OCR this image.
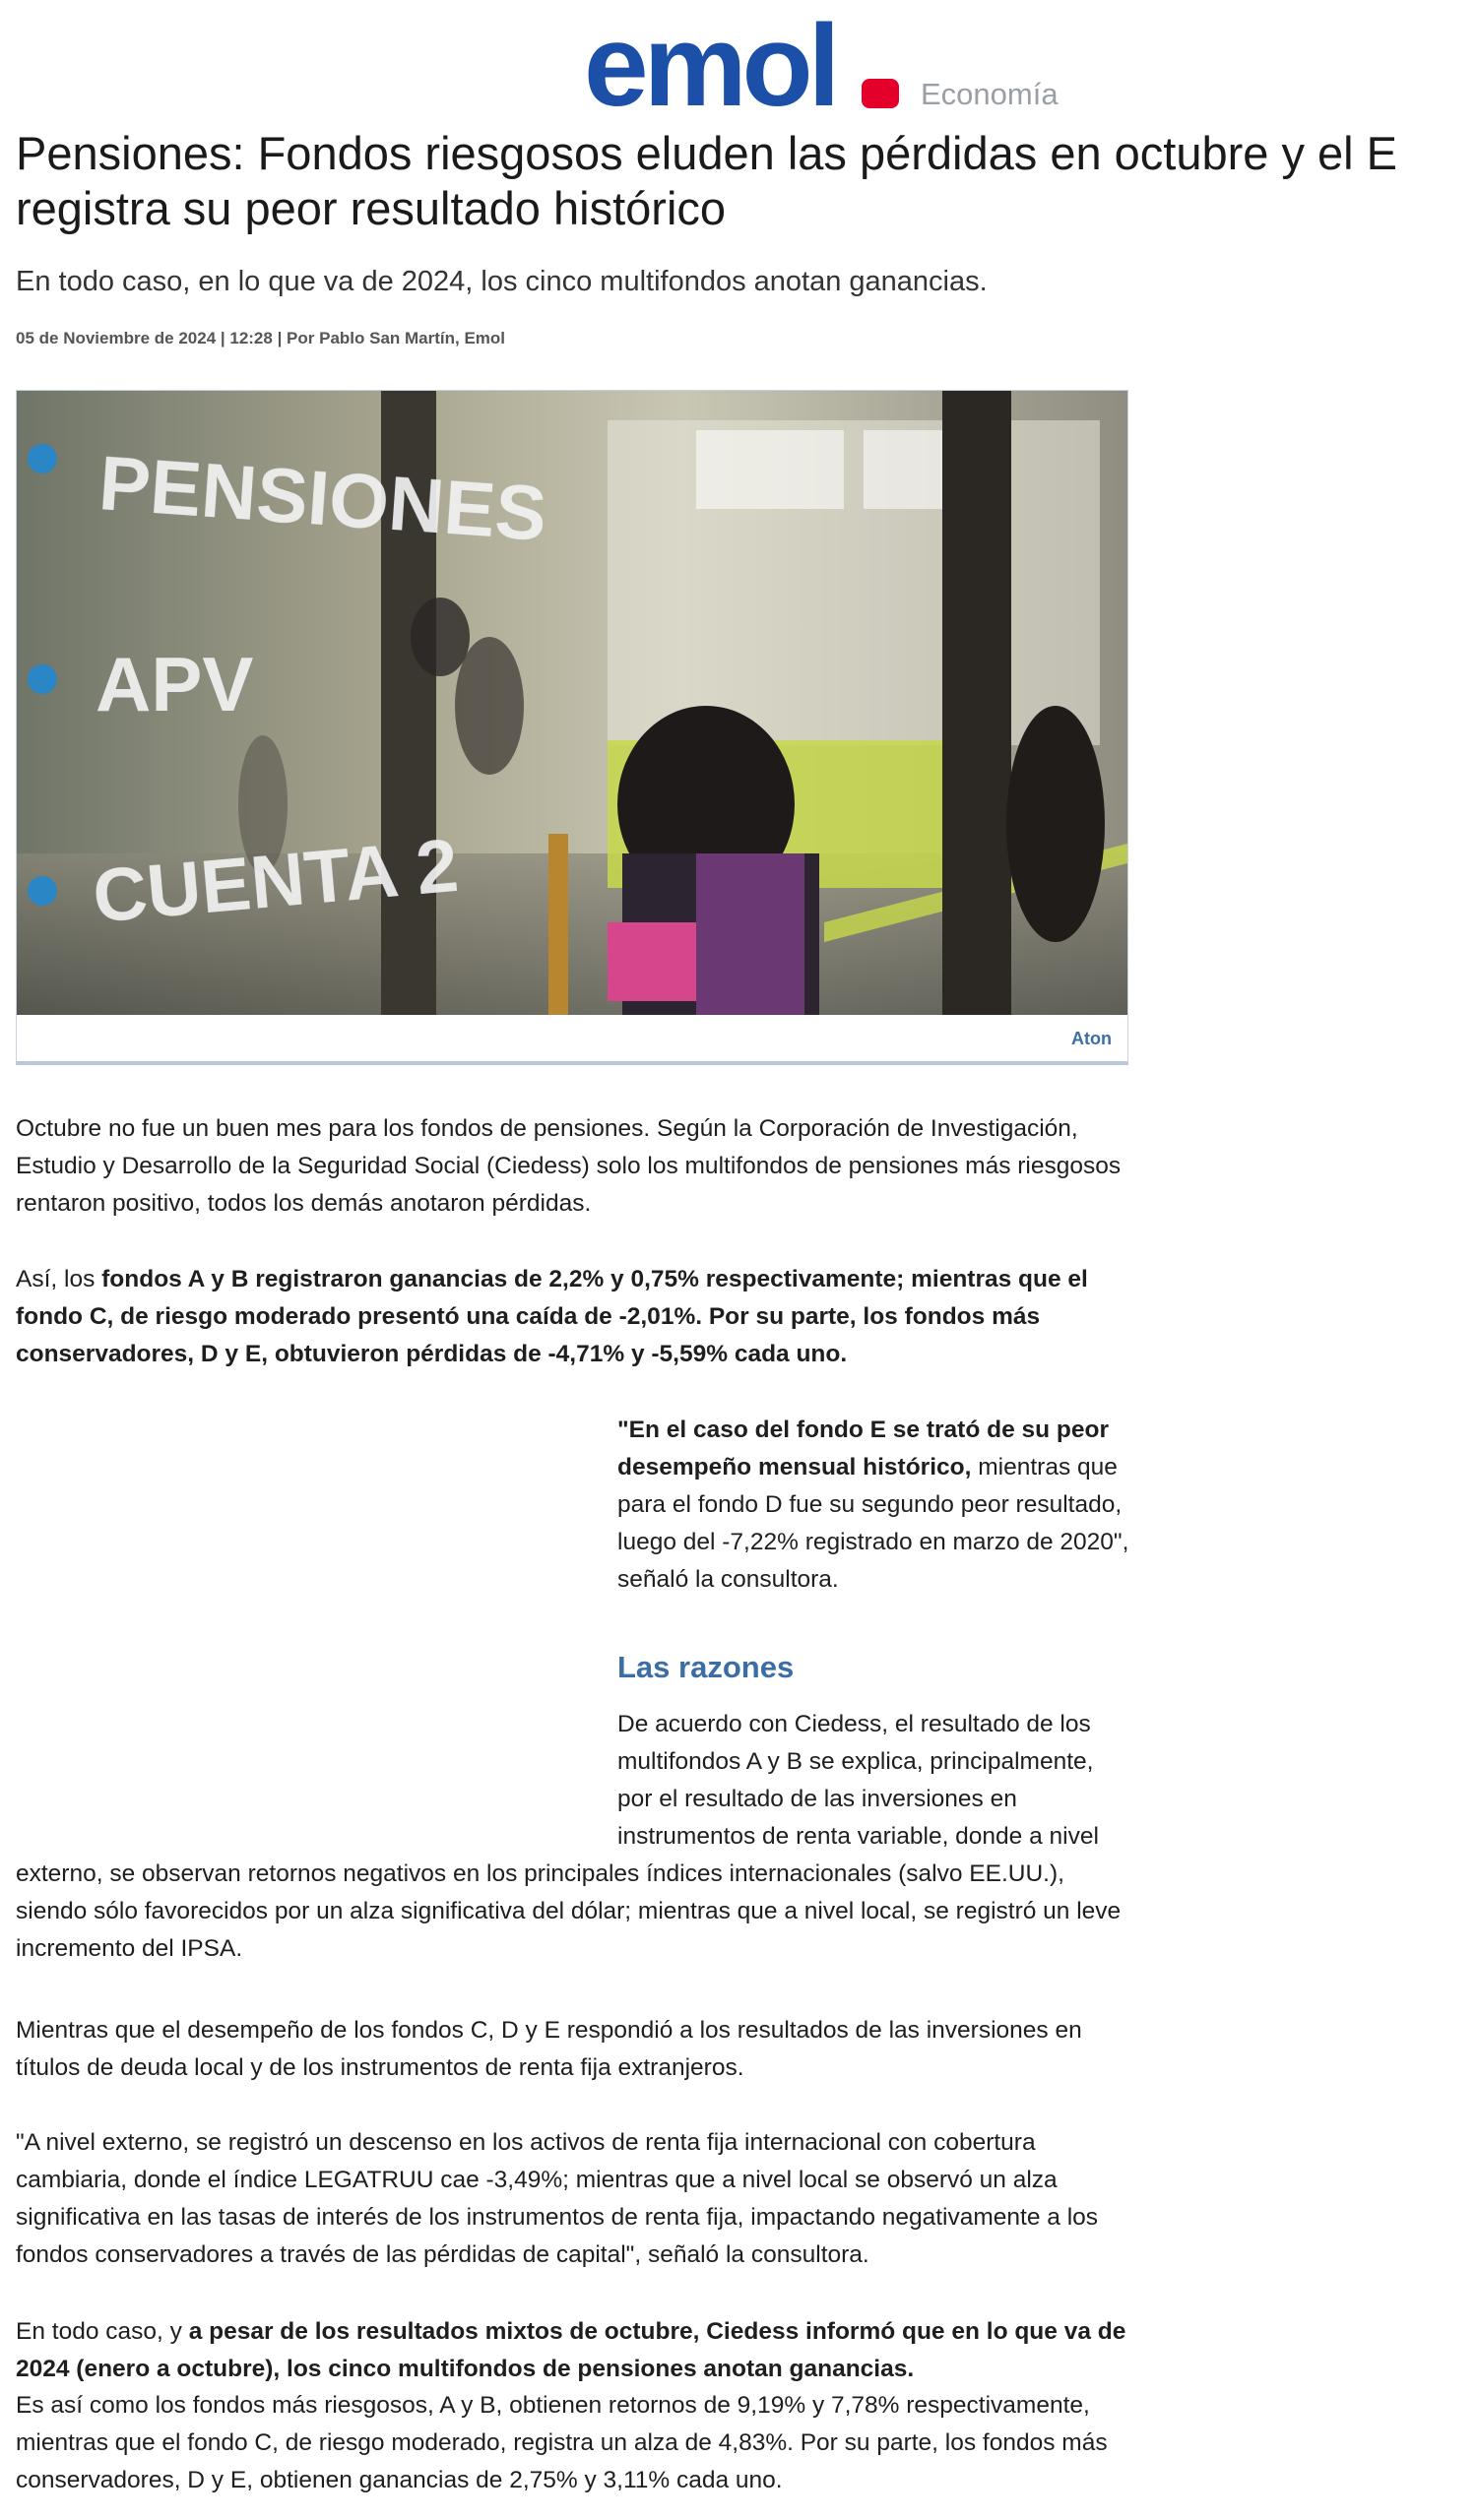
emol	Economía
Pensiones: Fondos riesgosos eluden las pérdidas en octubre y el E registra su peor resultado histórico

En todo caso, en lo que va de 2024, los cinco multifondos anotan ganancias.

05 de Noviembre de 2024 | 12:28 | Por Pablo San Martín, Emol
PENSIONES
APV
CUENTA 2
Aton

Octubre no fue un buen mes para los fondos de pensiones. Según la Corporación de Investigación, Estudio y Desarrollo de la Seguridad Social (Ciedess) solo los multifondos de pensiones más riesgosos rentaron positivo, todos los demás anotaron pérdidas.

Así, los fondos A y B registraron ganancias de 2,2% y 0,75% respectivamente; mientras que el fondo C, de riesgo moderado presentó una caída de -2,01%. Por su parte, los fondos más conservadores, D y E, obtuvieron pérdidas de -4,71% y -5,59% cada uno.

"En el caso del fondo E se trató de su peor desempeño mensual histórico, mientras que para el fondo D fue su segundo peor resultado, luego del -7,22% registrado en marzo de 2020", señaló la consultora.

Las razones
De acuerdo con Ciedess, el resultado de los multifondos A y B se explica, principalmente, por el resultado de las inversiones en instrumentos de renta variable, donde a nivel externo, se observan retornos negativos en los principales índices internacionales (salvo EE.UU.), siendo sólo favorecidos por un alza significativa del dólar; mientras que a nivel local, se registró un leve incremento del IPSA.

Mientras que el desempeño de los fondos C, D y E respondió a los resultados de las inversiones en títulos de deuda local y de los instrumentos de renta fija extranjeros.

"A nivel externo, se registró un descenso en los activos de renta fija internacional con cobertura cambiaria, donde el índice LEGATRUU cae -3,49%; mientras que a nivel local se observó un alza significativa en las tasas de interés de los instrumentos de renta fija, impactando negativamente a los fondos conservadores a través de las pérdidas de capital", señaló la consultora.

En todo caso, y a pesar de los resultados mixtos de octubre, Ciedess informó que en lo que va de 2024 (enero a octubre), los cinco multifondos de pensiones anotan ganancias.

Es así como los fondos más riesgosos, A y B, obtienen retornos de 9,19% y 7,78% respectivamente, mientras que el fondo C, de riesgo moderado, registra un alza de 4,83%. Por su parte, los fondos más conservadores, D y E, obtienen ganancias de 2,75% y 3,11% cada uno.
